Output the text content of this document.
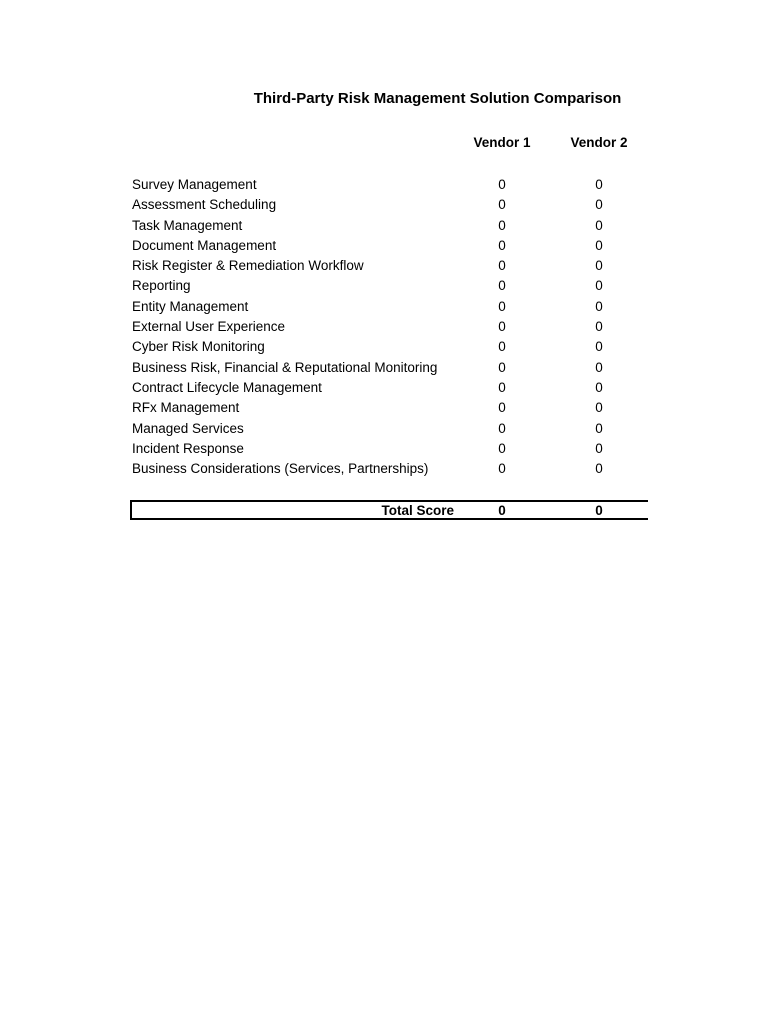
Third-Party Risk Management Solution Comparison
Vendor 1	Vendor 2
Survey Management	0	0
Assessment Scheduling	0	0
Task Management	0	0
Document Management	0	0
Risk Register & Remediation Workflow	0	0
Reporting	0	0
Entity Management	0	0
External User Experience	0	0
Cyber Risk Monitoring	0	0
Business Risk, Financial & Reputational Monitoring	0	0
Contract Lifecycle Management	0	0
RFx Management	0	0
Managed Services	0	0
Incident Response	0	0
Business Considerations (Services, Partnerships)	0	0
Total Score	0	0
